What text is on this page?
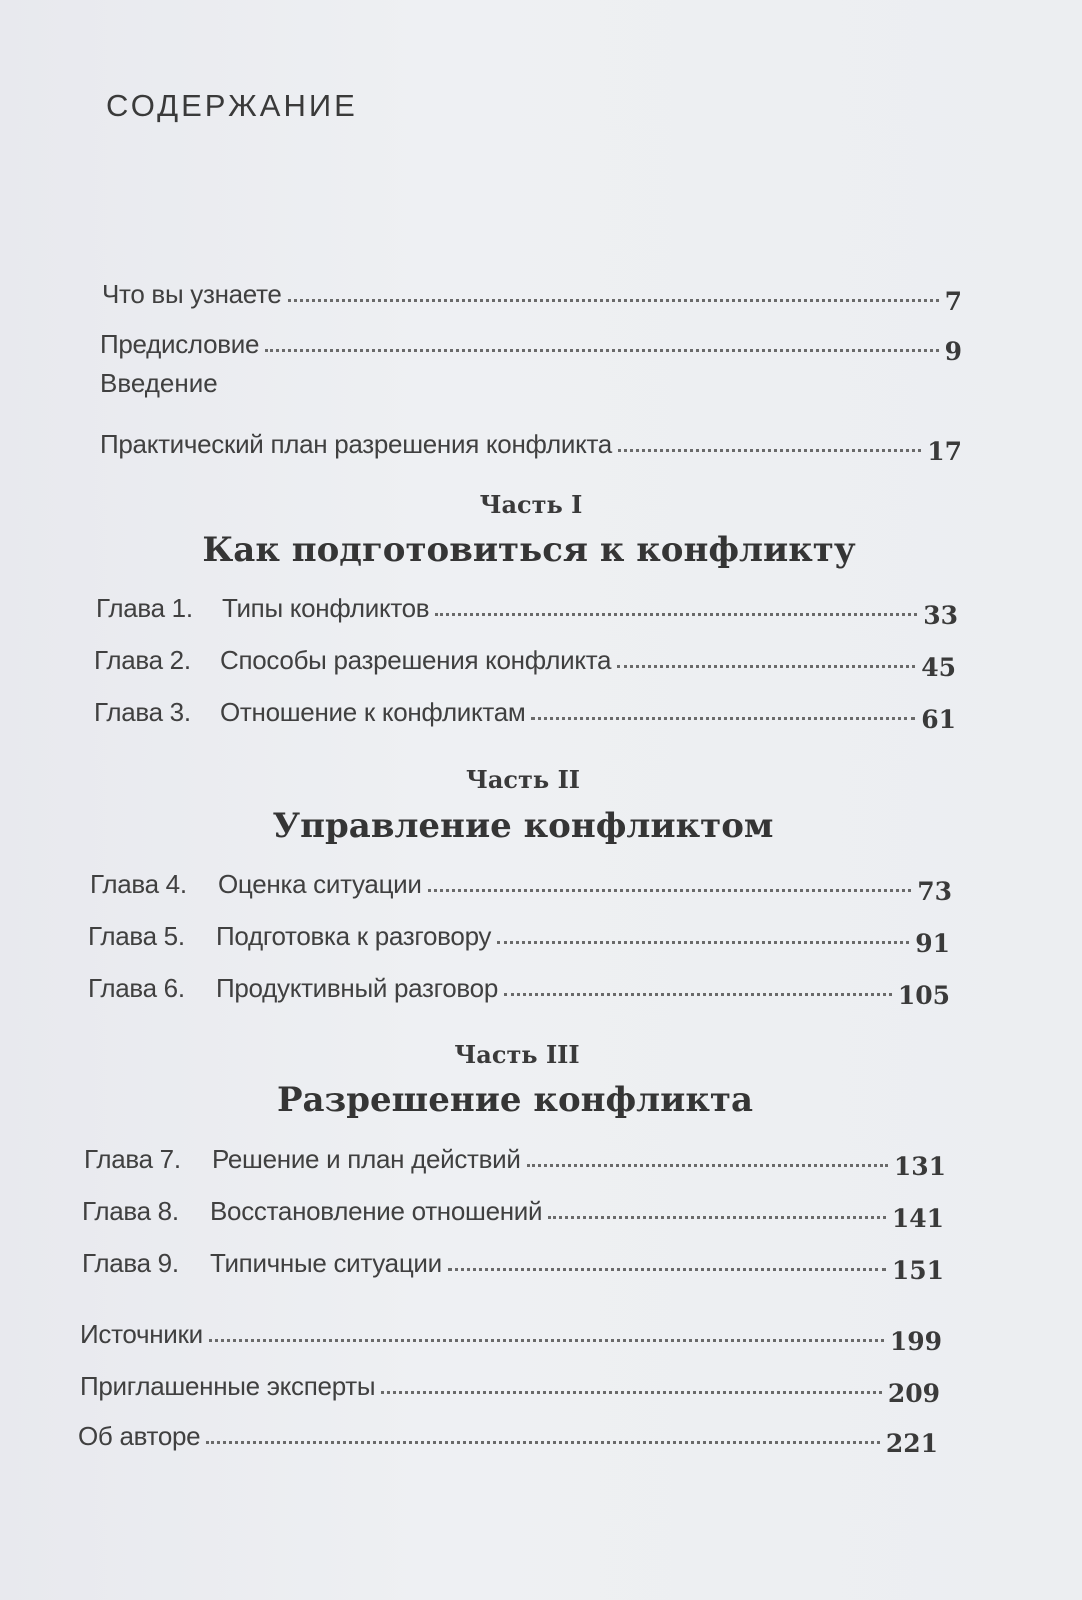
СОДЕРЖАНИЕ
Что вы узнаете	7
Предисловие	9
Введение
Практический план разрешения конфликта	17
Часть I
Как подготовиться к конфликту
Глава 1.	Типы конфликтов	33
Глава 2.	Способы разрешения конфликта	45
Глава 3.	Отношение к конфликтам	61
Часть II
Управление конфликтом
Глава 4.	Оценка ситуации	73
Глава 5.	Подготовка к разговору	91
Глава 6.	Продуктивный разговор	105
Часть III
Разрешение конфликта
Глава 7.	Решение и план действий	131
Глава 8.	Восстановление отношений	141
Глава 9.	Типичные ситуации	151
Источники	199
Приглашенные эксперты	209
Об авторе	221
